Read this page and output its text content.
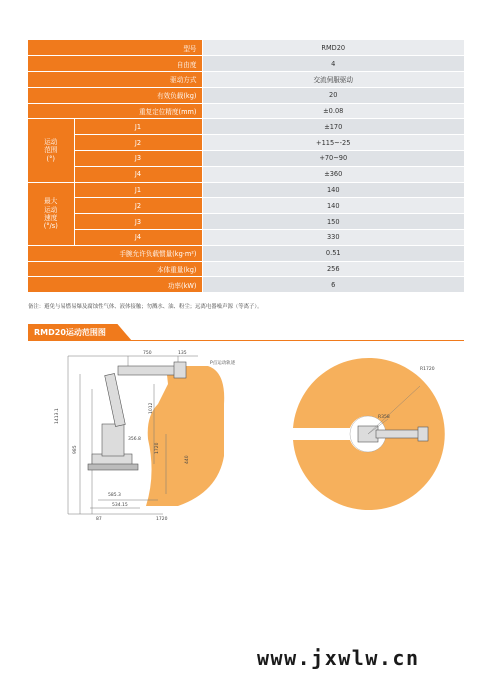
型号		RMD20
自由度		4
驱动方式		交流伺服驱动
有效负载(kg)		20
重复定位精度(mm)		±0.08
运动
范围
(°)	J1	±170
	J2	+115~-25
	J3	+70~90
	J4	±360
最大
运动
速度
(°/s)	J1	140
	J2	140
	J3	150
	J4	330
手腕允许负载惯量(kg·m²)		0.51
本体重量(kg)		256
功率(kW)		6
备注：避免与易燃易爆及腐蚀性气体、液体接触；勿溅水、油、粉尘；远离电器噪声源（等离子）。
RMD20运动范围图
750	135
356.8
585.3
534.15
1720
87
1413.1
985
1012
1720
440
P点运动轨迹
R1720
R358
www.jxwlw.cn
